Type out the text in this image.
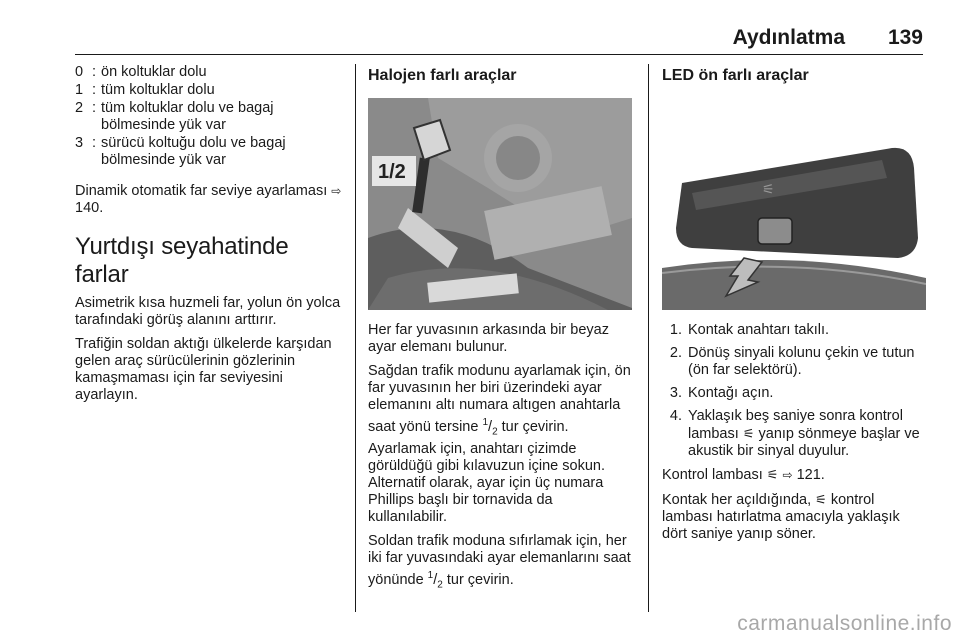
Aydınlatma 139
0 : ön koltuklar dolu
1 : tüm koltuklar dolu
2 : tüm koltuklar dolu ve bagaj bölmesinde yük var
3 : sürücü koltuğu dolu ve bagaj bölmesinde yük var

Dinamik otomatik far seviye ayarlaması ⇨ 140.

Yurtdışı seyahatinde farlar

Asimetrik kısa huzmeli far, yolun ön yolca tarafındaki görüş alanını arttırır.

Trafiğin soldan aktığı ülkelerde karşıdan gelen araç sürücülerinin gözlerinin kamaşmaması için far seviyesini ayarlayın.

Halojen farlı araçlar
1/2

Her far yuvasının arkasında bir beyaz ayar elemanı bulunur.

Sağdan trafik modunu ayarlamak için, ön far yuvasının her biri üzerindeki ayar elemanını altı numara altıgen anahtarla saat yönü tersine $^1/_2$ tur çevirin. Ayarlamak için, anahtarı çizimde görüldüğü gibi kılavuzun içine sokun. Alternatif olarak, ayar için üç numara Phillips başlı bir tornavida da kullanılabilir.

Soldan trafik moduna sıfırlamak için, her iki far yuvasındaki ayar elemanlarını saat yönünde $^1/_2$ tur çevirin.

LED ön farlı araçlar
⚟
1. Kontak anahtarı takılı.
2. Dönüş sinyali kolunu çekin ve tutun (ön far selektörü).
3. Kontağı açın.
4. Yaklaşık beş saniye sonra kontrol lambası ⚟ yanıp sönmeye başlar ve akustik bir sinyal duyulur.

Kontrol lambası ⚟ ⇨ 121.

Kontak her açıldığında, ⚟ kontrol lambası hatırlatma amacıyla yaklaşık dört saniye yanıp söner.

carmanualsonline.info
